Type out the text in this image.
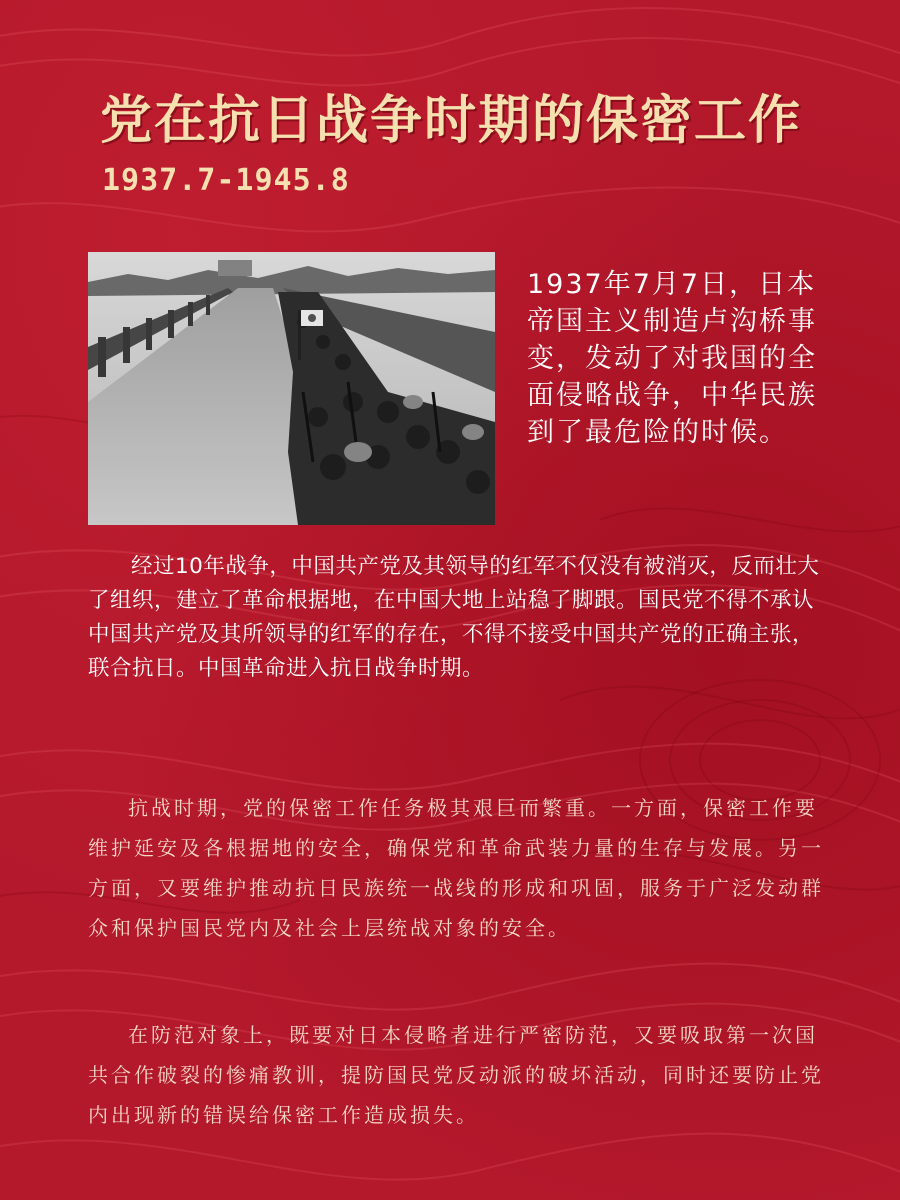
党在抗日战争时期的保密工作
1937.7-1945.8
1937年7月7日，日本帝国主义制造卢沟桥事变，发动了对我国的全面侵略战争，中华民族到了最危险的时候。

经过10年战争，中国共产党及其领导的红军不仅没有被消灭，反而壮大了组织，建立了革命根据地，在中国大地上站稳了脚跟。国民党不得不承认中国共产党及其所领导的红军的存在，不得不接受中国共产党的正确主张，联合抗日。中国革命进入抗日战争时期。

抗战时期，党的保密工作任务极其艰巨而繁重。一方面，保密工作要维护延安及各根据地的安全，确保党和革命武装力量的生存与发展。另一方面，又要维护推动抗日民族统一战线的形成和巩固，服务于广泛发动群众和保护国民党内及社会上层统战对象的安全。

在防范对象上，既要对日本侵略者进行严密防范，又要吸取第一次国共合作破裂的惨痛教训，提防国民党反动派的破坏活动，同时还要防止党内出现新的错误给保密工作造成损失。
